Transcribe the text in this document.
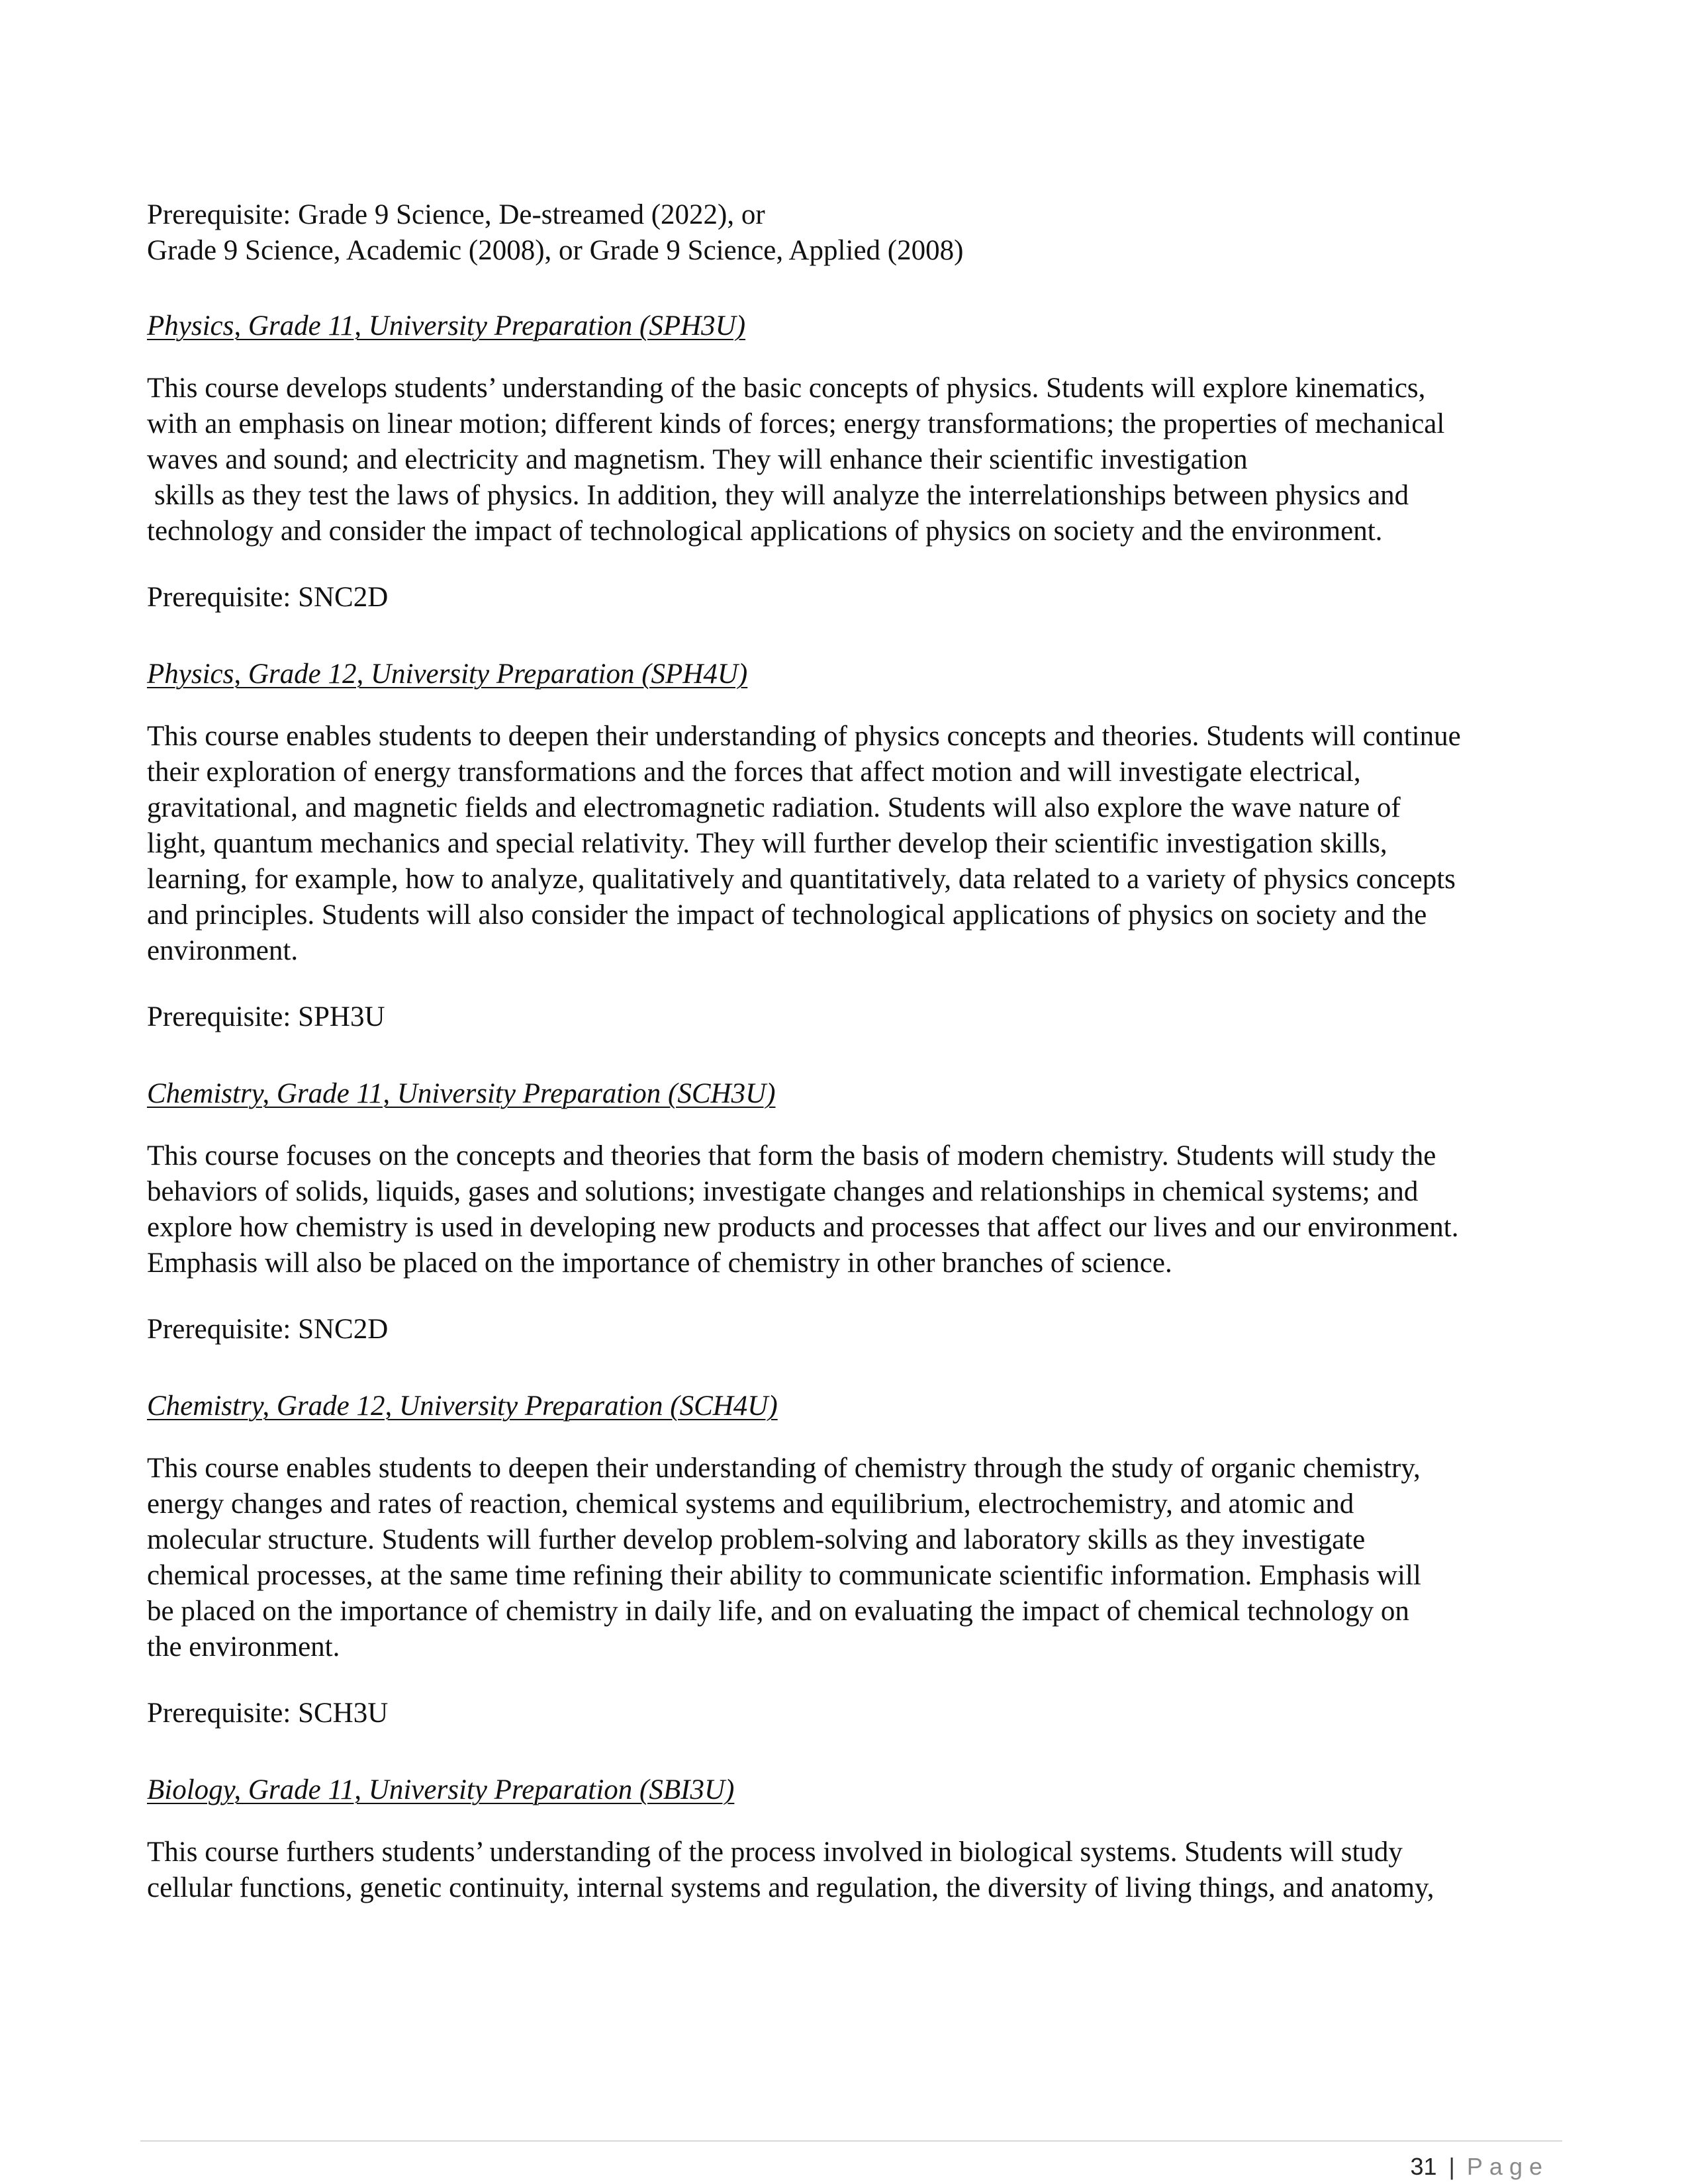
Prerequisite: Grade 9 Science, De-streamed (2022), or
Grade 9 Science, Academic (2008), or Grade 9 Science, Applied (2008)
Physics, Grade 11, University Preparation (SPH3U)
This course develops students’ understanding of the basic concepts of physics. Students will explore kinematics,
with an emphasis on linear motion; different kinds of forces; energy transformations; the properties of mechanical
waves and sound; and electricity and magnetism. They will enhance their scientific investigation
skills as they test the laws of physics. In addition, they will analyze the interrelationships between physics and
technology and consider the impact of technological applications of physics on society and the environment.
Prerequisite: SNC2D
Physics, Grade 12, University Preparation (SPH4U)
This course enables students to deepen their understanding of physics concepts and theories. Students will continue
their exploration of energy transformations and the forces that affect motion and will investigate electrical,
gravitational, and magnetic fields and electromagnetic radiation. Students will also explore the wave nature of
light, quantum mechanics and special relativity. They will further develop their scientific investigation skills,
learning, for example, how to analyze, qualitatively and quantitatively, data related to a variety of physics concepts
and principles. Students will also consider the impact of technological applications of physics on society and the
environment.
Prerequisite: SPH3U
Chemistry, Grade 11, University Preparation (SCH3U)
This course focuses on the concepts and theories that form the basis of modern chemistry. Students will study the
behaviors of solids, liquids, gases and solutions; investigate changes and relationships in chemical systems; and
explore how chemistry is used in developing new products and processes that affect our lives and our environment.
Emphasis will also be placed on the importance of chemistry in other branches of science.
Prerequisite: SNC2D
Chemistry, Grade 12, University Preparation (SCH4U)
This course enables students to deepen their understanding of chemistry through the study of organic chemistry,
energy changes and rates of reaction, chemical systems and equilibrium, electrochemistry, and atomic and
molecular structure. Students will further develop problem-solving and laboratory skills as they investigate
chemical processes, at the same time refining their ability to communicate scientific information. Emphasis will
be placed on the importance of chemistry in daily life, and on evaluating the impact of chemical technology on
the environment.
Prerequisite: SCH3U
Biology, Grade 11, University Preparation (SBI3U)
This course furthers students’ understanding of the process involved in biological systems. Students will study
cellular functions, genetic continuity, internal systems and regulation, the diversity of living things, and anatomy,
31 | Page
